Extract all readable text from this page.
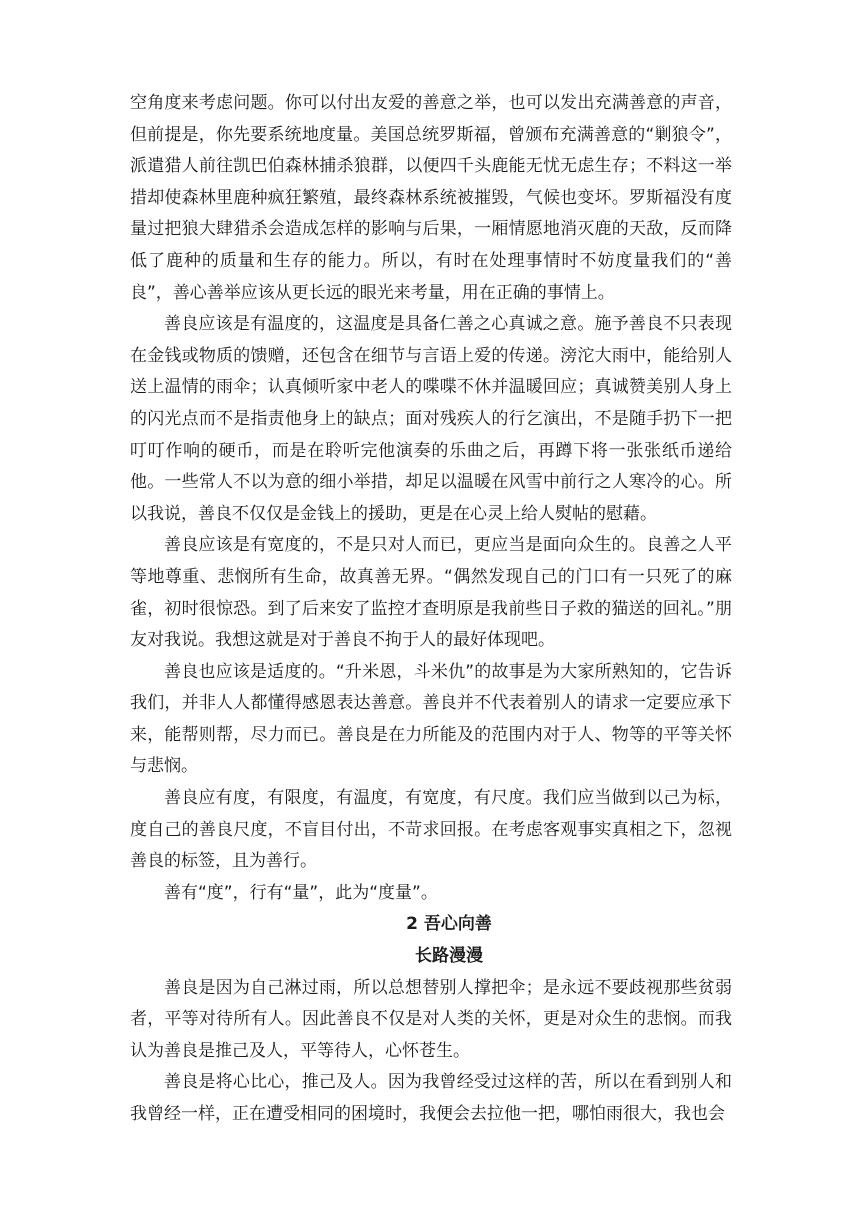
空角度来考虑问题。你可以付出友爱的善意之举，也可以发出充满善意的声音，但前提是，你先要系统地度量。美国总统罗斯福，曾颁布充满善意的“剿狼令”，派遣猎人前往凯巴伯森林捕杀狼群，以便四千头鹿能无忧无虑生存；不料这一举措却使森林里鹿种疯狂繁殖，最终森林系统被摧毁，气候也变坏。罗斯福没有度量过把狼大肆猎杀会造成怎样的影响与后果，一厢情愿地消灭鹿的天敌，反而降低了鹿种的质量和生存的能力。所以，有时在处理事情时不妨度量我们的“善良”，善心善举应该从更长远的眼光来考量，用在正确的事情上。

善良应该是有温度的，这温度是具备仁善之心真诚之意。施予善良不只表现在金钱或物质的馈赠，还包含在细节与言语上爱的传递。滂沱大雨中，能给别人送上温情的雨伞；认真倾听家中老人的喋喋不休并温暖回应；真诚赞美别人身上的闪光点而不是指责他身上的缺点；面对残疾人的行乞演出，不是随手扔下一把叮叮作响的硬币，而是在聆听完他演奏的乐曲之后，再蹲下将一张张纸币递给他。一些常人不以为意的细小举措，却足以温暖在风雪中前行之人寒冷的心。所以我说，善良不仅仅是金钱上的援助，更是在心灵上给人熨帖的慰藉。

善良应该是有宽度的，不是只对人而已，更应当是面向众生的。良善之人平等地尊重、悲悯所有生命，故真善无界。“偶然发现自己的门口有一只死了的麻雀，初时很惊恐。到了后来安了监控才查明原是我前些日子救的猫送的回礼。”朋友对我说。我想这就是对于善良不拘于人的最好体现吧。

善良也应该是适度的。“升米恩，斗米仇”的故事是为大家所熟知的，它告诉我们，并非人人都懂得感恩表达善意。善良并不代表着别人的请求一定要应承下来，能帮则帮，尽力而已。善良是在力所能及的范围内对于人、物等的平等关怀与悲悯。

善良应有度，有限度，有温度，有宽度，有尺度。我们应当做到以己为标，度自己的善良尺度，不盲目付出，不苛求回报。在考虑客观事实真相之下，忽视善良的标签，且为善行。

善有“度”，行有“量”，此为“度量”。

2 吾心向善
长路漫漫

善良是因为自己淋过雨，所以总想替别人撑把伞；是永远不要歧视那些贫弱者，平等对待所有人。因此善良不仅是对人类的关怀，更是对众生的悲悯。而我认为善良是推己及人，平等待人，心怀苍生。

善良是将心比心，推己及人。因为我曾经受过这样的苦，所以在看到别人和我曾经一样，正在遭受相同的困境时，我便会去拉他一把，哪怕雨很大，我也会
